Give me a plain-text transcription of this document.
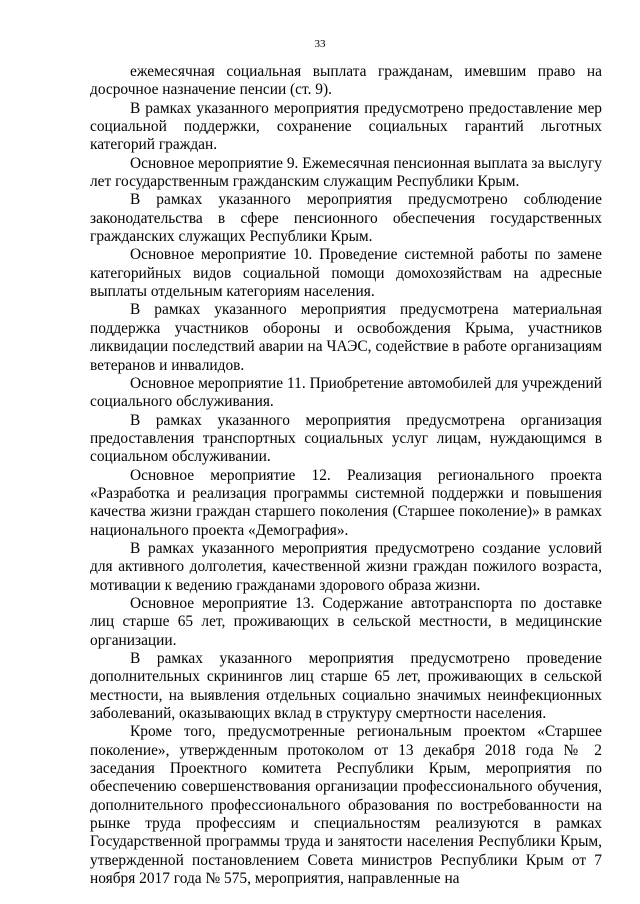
33

ежемесячная социальная выплата гражданам, имевшим право на досрочное назначение пенсии (ст. 9).

В рамках указанного мероприятия предусмотрено предоставление мер социальной поддержки, сохранение социальных гарантий льготных категорий граждан.

Основное мероприятие 9. Ежемесячная пенсионная выплата за выслугу лет государственным гражданским служащим Республики Крым.

В рамках указанного мероприятия предусмотрено соблюдение законодательства в сфере пенсионного обеспечения государственных гражданских служащих Республики Крым.

Основное мероприятие 10. Проведение системной работы по замене категорийных видов социальной помощи домохозяйствам на адресные выплаты отдельным категориям населения.

В рамках указанного мероприятия предусмотрена материальная поддержка участников обороны и освобождения Крыма, участников ликвидации последствий аварии на ЧАЭС, содействие в работе организациям ветеранов и инвалидов.

Основное мероприятие 11. Приобретение автомобилей для учреждений социального обслуживания.

В рамках указанного мероприятия предусмотрена организация предоставления транспортных социальных услуг лицам, нуждающимся в социальном обслуживании.

Основное мероприятие 12. Реализация регионального проекта «Разработка и реализация программы системной поддержки и повышения качества жизни граждан старшего поколения (Старшее поколение)» в рамках национального проекта «Демография».

В рамках указанного мероприятия предусмотрено создание условий для активного долголетия, качественной жизни граждан пожилого возраста, мотивации к ведению гражданами здорового образа жизни.

Основное мероприятие 13. Содержание автотранспорта по доставке лиц старше 65 лет, проживающих в сельской местности, в медицинские организации.

В рамках указанного мероприятия предусмотрено проведение дополнительных скринингов лиц старше 65 лет, проживающих в сельской местности, на выявления отдельных социально значимых неинфекционных заболеваний, оказывающих вклад в структуру смертности населения.

Кроме того, предусмотренные региональным проектом «Старшее поколение», утвержденным протоколом от 13 декабря 2018 года № 2 заседания Проектного комитета Республики Крым, мероприятия по обеспечению совершенствования организации профессионального обучения, дополнительного профессионального образования по востребованности на рынке труда профессиям и специальностям реализуются в рамках Государственной программы труда и занятости населения Республики Крым, утвержденной постановлением Совета министров Республики Крым от 7 ноября 2017 года № 575, мероприятия, направленные на
